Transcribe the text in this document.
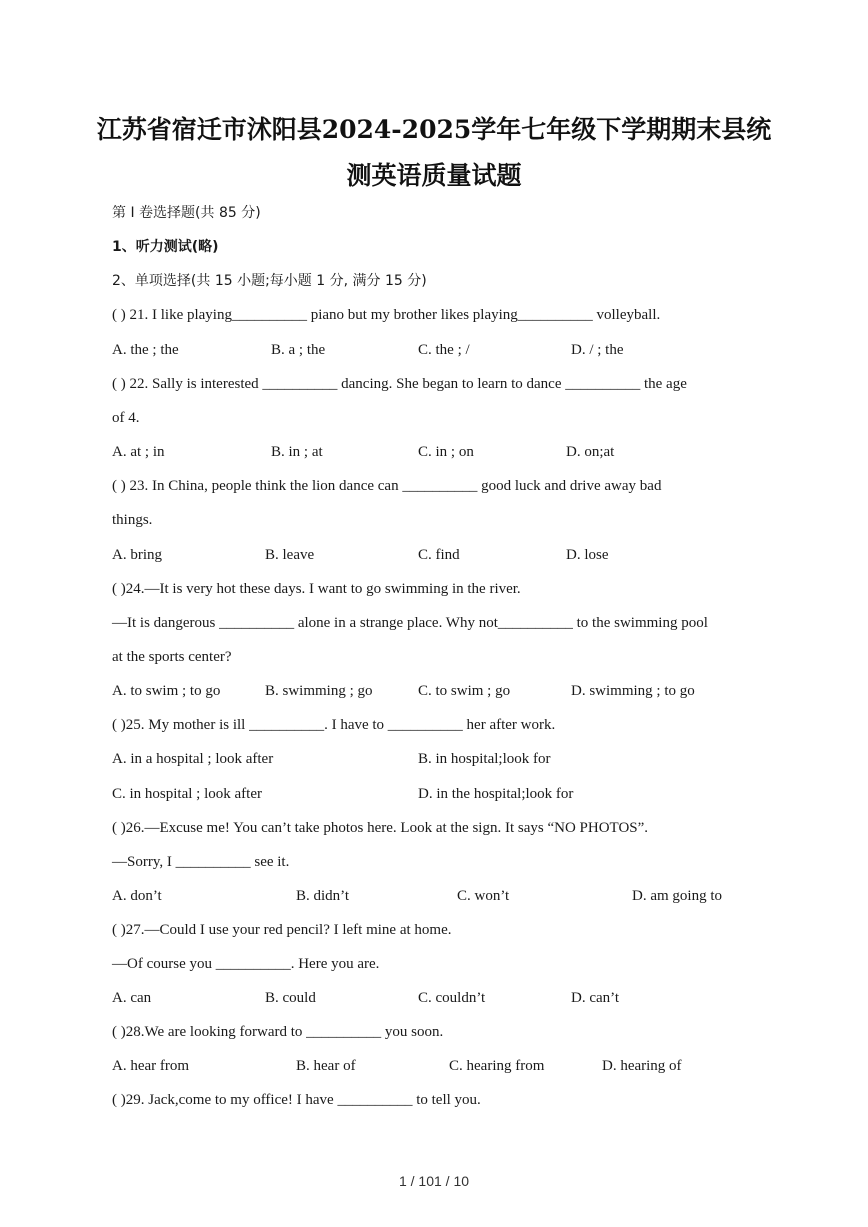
江苏省宿迁市沭阳县2024-2025学年七年级下学期期末县统
测英语质量试题
第 I 卷选择题(共 85 分)
1、听力测试(略)
2、单项选择(共 15 小题;每小题 1 分, 满分 15 分)
( ) 21. I like playing__________ piano but my brother likes playing__________ volleyball.
A. the ; the	B. a ; the	C. the ; /	D. / ; the
( ) 22. Sally is interested __________ dancing. She began to learn to dance __________ the age
of 4.
A. at ; in	B. in ; at	C. in ; on	D. on;at
( ) 23. In China, people think the lion dance can __________ good luck and drive away bad
things.
A. bring	B. leave	C. find	D. lose
( )24.—It is very hot these days. I want to go swimming in the river.
—It is dangerous __________ alone in a strange place. Why not__________ to the swimming pool
at the sports center?
A. to swim ; to go	B. swimming ; go	C. to swim ; go	D. swimming ; to go
( )25. My mother is ill __________. I have to __________ her after work.
A. in a hospital ; look after	B. in hospital;look for
C. in hospital ; look after	D. in the hospital;look for
( )26.—Excuse me! You can’t take photos here. Look at the sign. It says “NO PHOTOS”.
—Sorry, I __________ see it.
A. don’t	B. didn’t	C. won’t	D. am going to
( )27.—Could I use your red pencil? I left mine at home.
—Of course you __________. Here you are.
A. can	B. could	C. couldn’t	D. can’t
( )28.We are looking forward to __________ you soon.
A. hear from	B. hear of	C. hearing from	D. hearing of
( )29. Jack,come to my office! I have __________ to tell you.
1 / 101 / 10
